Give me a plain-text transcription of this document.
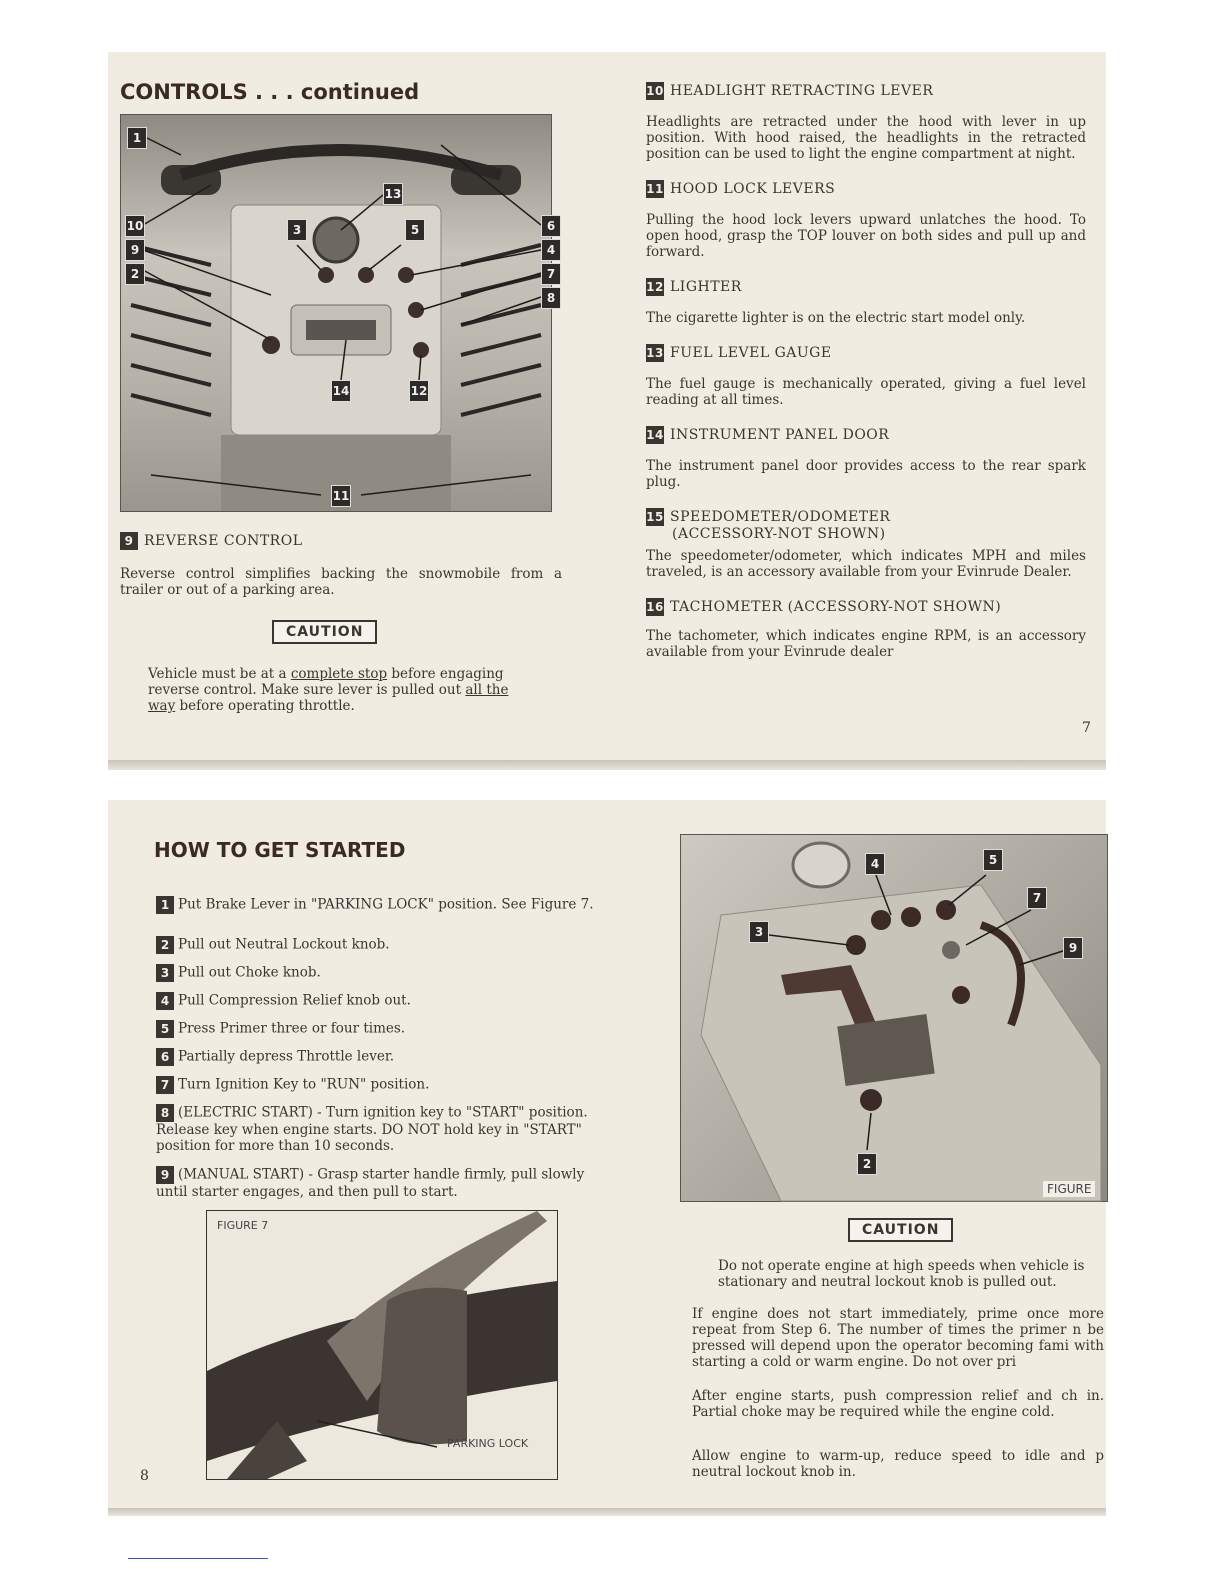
CONTROLS . . . continued
1
10
9
2
13
3	5	6
4
7
8
14	12
11
9 REVERSE CONTROL
Reverse control simplifies backing the snowmobile from a trailer or out of a parking area.
CAUTION
Vehicle must be at a complete stop before engaging reverse control. Make sure lever is pulled out all the way before operating throttle.
10 HEADLIGHT RETRACTING LEVER
Headlights are retracted under the hood with lever in up position. With hood raised, the headlights in the retracted position can be used to light the engine compartment at night.
11 HOOD LOCK LEVERS
Pulling the hood lock levers upward unlatches the hood. To open hood, grasp the TOP louver on both sides and pull up and forward.
12 LIGHTER
The cigarette lighter is on the electric start model only.
13 FUEL LEVEL GAUGE
The fuel gauge is mechanically operated, giving a fuel level reading at all times.
14 INSTRUMENT PANEL DOOR
The instrument panel door provides access to the rear spark plug.
15 SPEEDOMETER/ODOMETER
(ACCESSORY-NOT SHOWN)
The speedometer/odometer, which indicates MPH and miles traveled, is an accessory available from your Evinrude Dealer.
16 TACHOMETER (ACCESSORY-NOT SHOWN)
The tachometer, which indicates engine RPM, is an accessory available from your Evinrude dealer
7
HOW TO GET STARTED
1 Put Brake Lever in "PARKING LOCK" position. See Figure 7.
2 Pull out Neutral Lockout knob.
3 Pull out Choke knob.
4 Pull Compression Relief knob out.
5 Press Primer three or four times.
6 Partially depress Throttle lever.
7 Turn Ignition Key to "RUN" position.
8 (ELECTRIC START) - Turn ignition key to "START" position. Release key when engine starts. DO NOT hold key in "START" position for more than 10 seconds.
9 (MANUAL START) - Grasp starter handle firmly, pull slowly until starter engages, and then pull to start.
FIGURE 7
PARKING LOCK
8
4	5
3
7
9
2
FIGURE
CAUTION
Do not operate engine at high speeds when vehicle is stationary and neutral lockout knob is pulled out.
If engine does not start immediately, prime once more repeat from Step 6. The number of times the primer n be pressed will depend upon the operator becoming fami with starting a cold or warm engine. Do not over pri
After engine starts, push compression relief and ch in. Partial choke may be required while the engine cold.
Allow engine to warm-up, reduce speed to idle and p neutral lockout knob in.
